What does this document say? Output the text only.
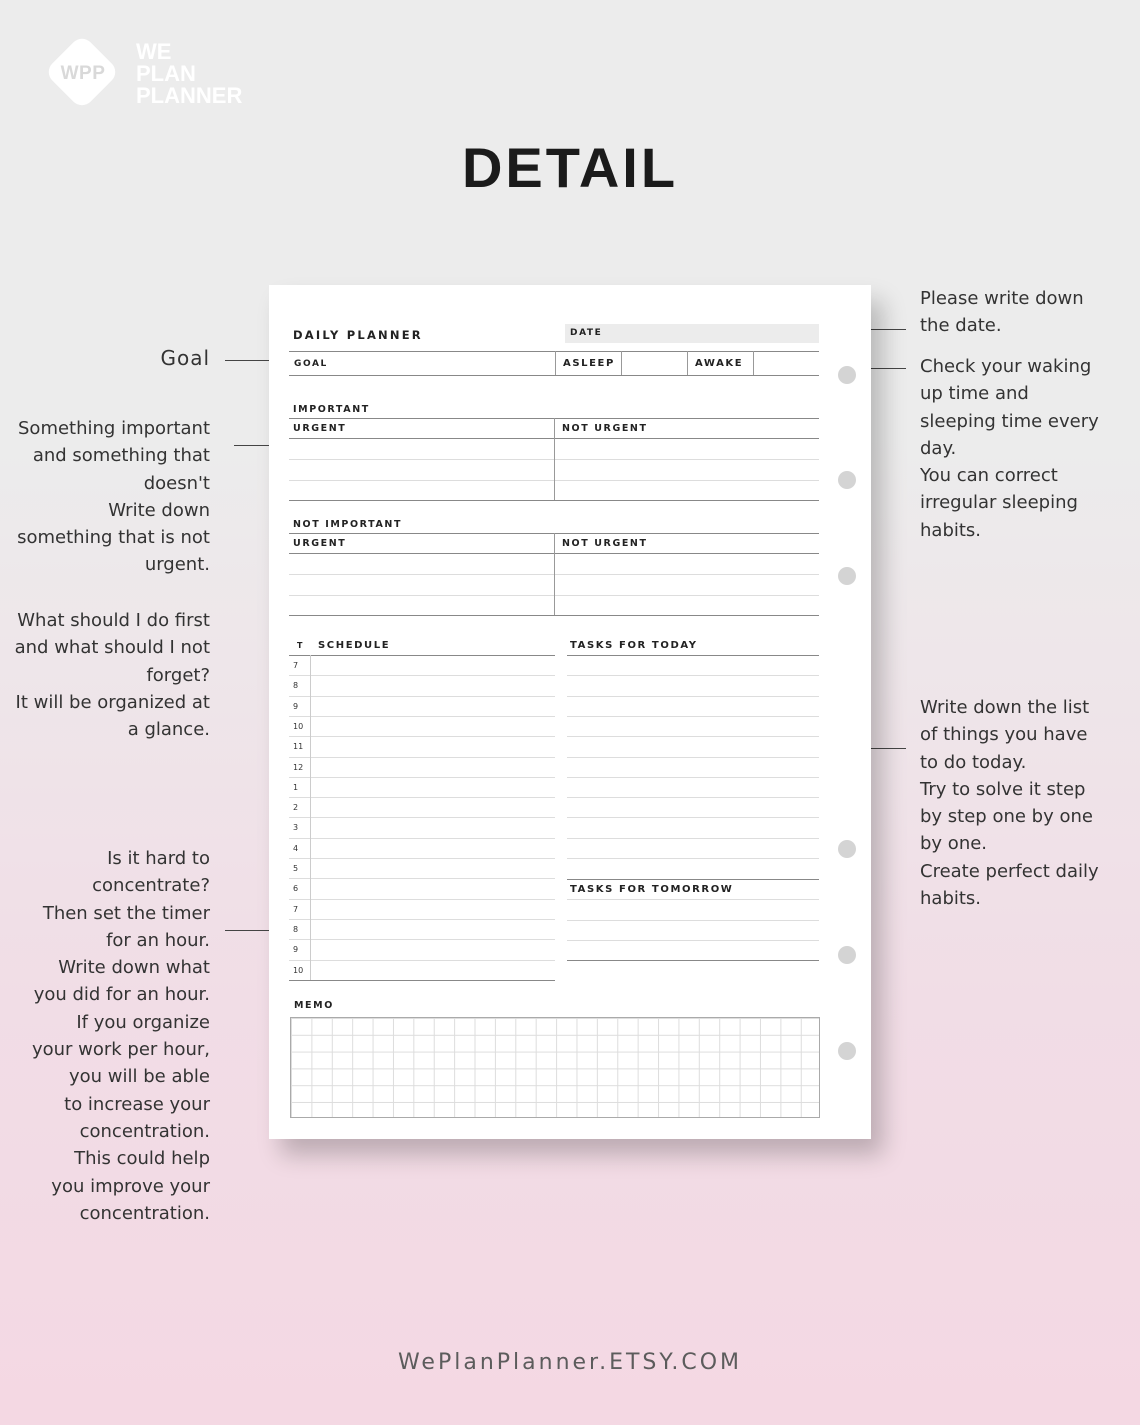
WPP
WE
PLAN
PLANNER
DETAIL
Goal
Something important
and something that
doesn't
Write down
something that is not
urgent.
What should I do first
and what should I not
forget?
It will be organized at
a glance.
Is it hard to
concentrate?
Then set the timer
for an hour.
Write down what
you did for an hour.
If you organize
your work per hour,
you will be able
to increase your
concentration.
This could help
you improve your
concentration.
Please write down
the date.
Check your waking
up time and
sleeping time every
day.
You can correct
irregular sleeping
habits.
Write down the list
of things you have
to do today.
Try to solve it step
by step one by one
by one.
Create perfect daily
habits.
DAILY PLANNER	DATE
GOAL	ASLEEP	AWAKE
IMPORTANT
URGENT	NOT URGENT
NOT IMPORTANT
URGENT	NOT URGENT
T SCHEDULE
7
8
9
10
11
12
1
2
3
4
5
6
7
8
9
10
TASKS FOR TODAY
TASKS FOR TOMORROW
MEMO
WePlanPlanner.ETSY.COM
